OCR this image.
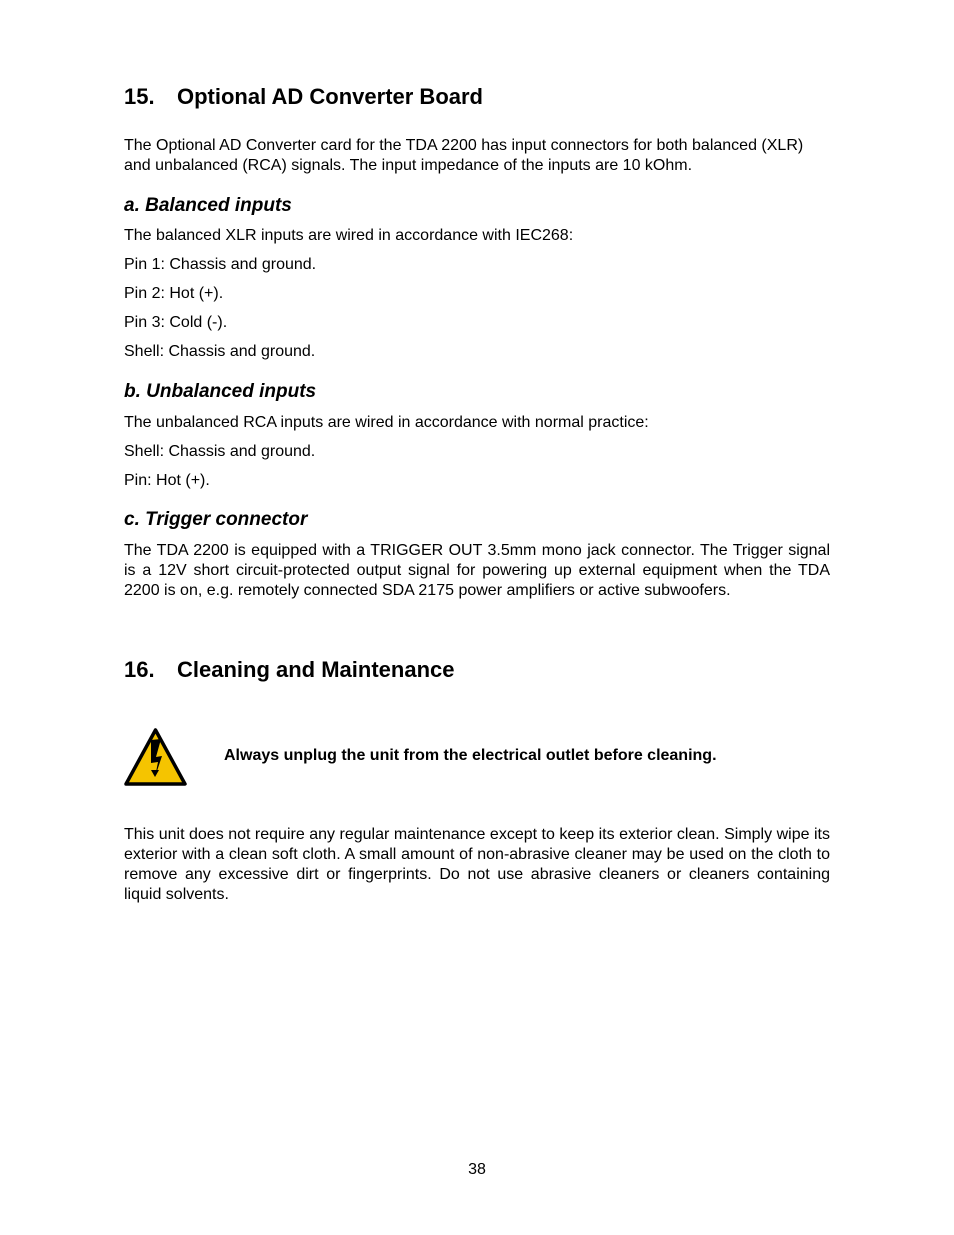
15. Optional AD Converter Board

The Optional AD Converter card for the TDA 2200 has input connectors for both balanced (XLR) and unbalanced (RCA) signals. The input impedance of the inputs are 10 kOhm.

a. Balanced inputs

The balanced XLR inputs are wired in accordance with IEC268:

Pin 1: Chassis and ground.

Pin 2: Hot (+).

Pin 3: Cold (-).

Shell: Chassis and ground.

b. Unbalanced inputs

The unbalanced RCA inputs are wired in accordance with normal practice:

Shell: Chassis and ground.

Pin: Hot (+).

c. Trigger connector

The TDA 2200 is equipped with a TRIGGER OUT 3.5mm mono jack connector. The Trigger signal is a 12V short circuit-protected output signal for powering up external equipment when the TDA 2200 is on, e.g. remotely connected SDA 2175 power amplifiers or active subwoofers.

16. Cleaning and Maintenance

Always unplug the unit from the electrical outlet before cleaning.

This unit does not require any regular maintenance except to keep its exterior clean. Simply wipe its exterior with a clean soft cloth. A small amount of non-abrasive cleaner may be used on the cloth to remove any excessive dirt or fingerprints. Do not use abrasive cleaners or cleaners containing liquid solvents.

38
